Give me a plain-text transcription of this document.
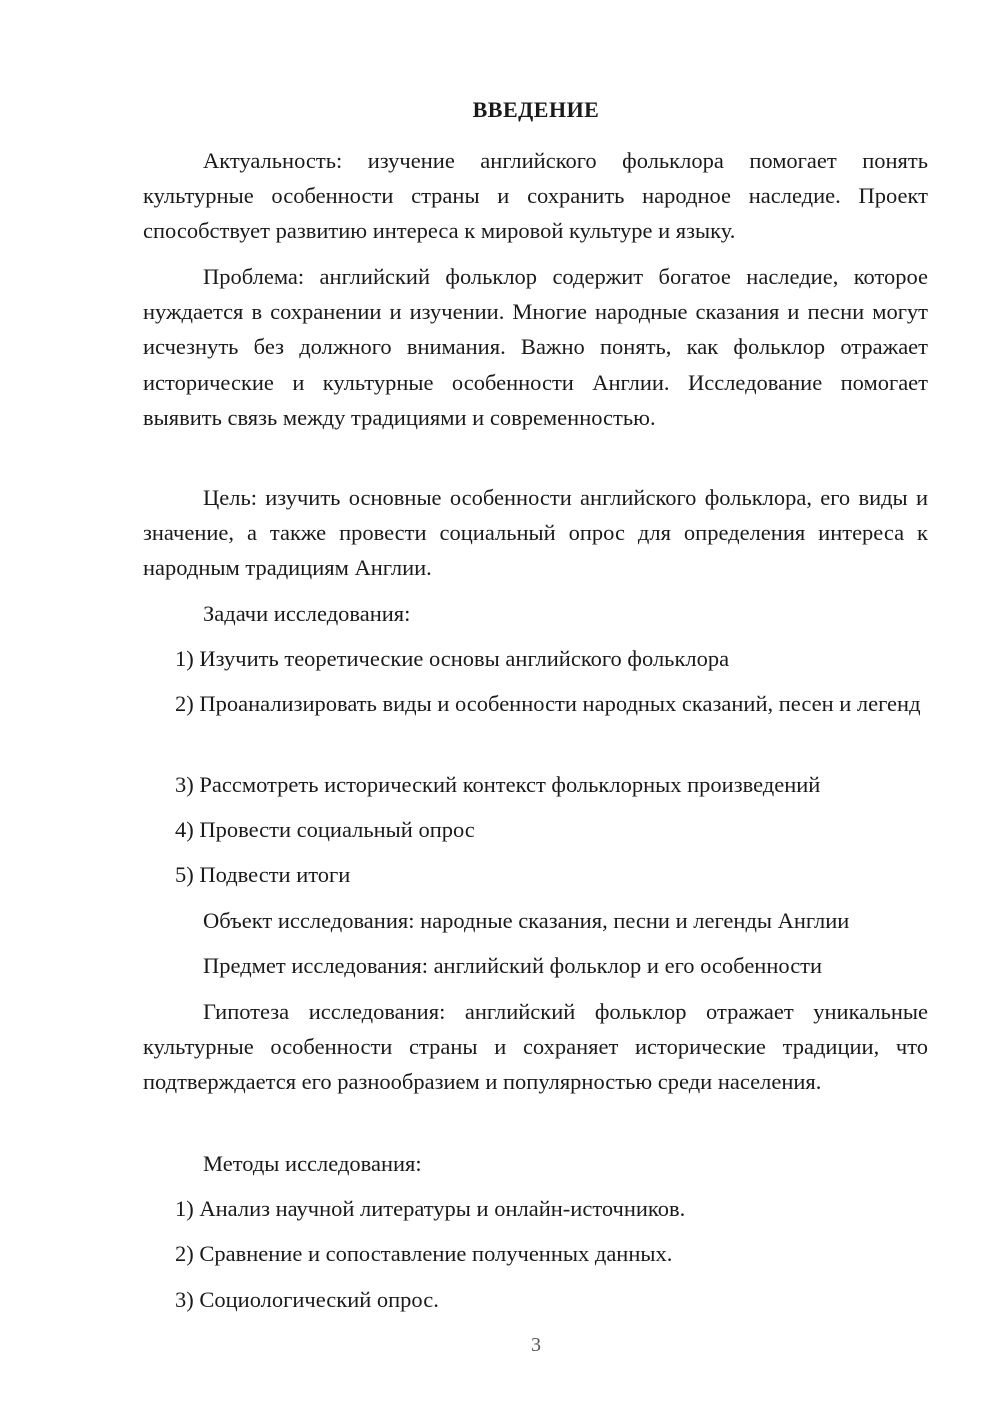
ВВЕДЕНИЕ

Актуальность: изучение английского фольклора помогает понять культурные особенности страны и сохранить народное наследие. Проект способствует развитию интереса к мировой культуре и языку.

Проблема: английский фольклор содержит богатое наследие, которое нуждается в сохранении и изучении. Многие народные сказания и песни могут исчезнуть без должного внимания. Важно понять, как фольклор отражает исторические и культурные особенности Англии. Исследование помогает выявить связь между традициями и современностью.

Цель: изучить основные особенности английского фольклора, его виды и значение, а также провести социальный опрос для определения интереса к народным традициям Англии.

Задачи исследования:

1) Изучить теоретические основы английского фольклора

2) Проанализировать виды и особенности народных сказаний, песен и легенд

3) Рассмотреть исторический контекст фольклорных произведений

4) Провести социальный опрос

5) Подвести итоги

Объект исследования: народные сказания, песни и легенды Англии

Предмет исследования: английский фольклор и его особенности

Гипотеза исследования: английский фольклор отражает уникальные культурные особенности страны и сохраняет исторические традиции, что подтверждается его разнообразием и популярностью среди населения.

Методы исследования:

1) Анализ научной литературы и онлайн-источников.

2) Сравнение и сопоставление полученных данных.

3) Социологический опрос.

3
